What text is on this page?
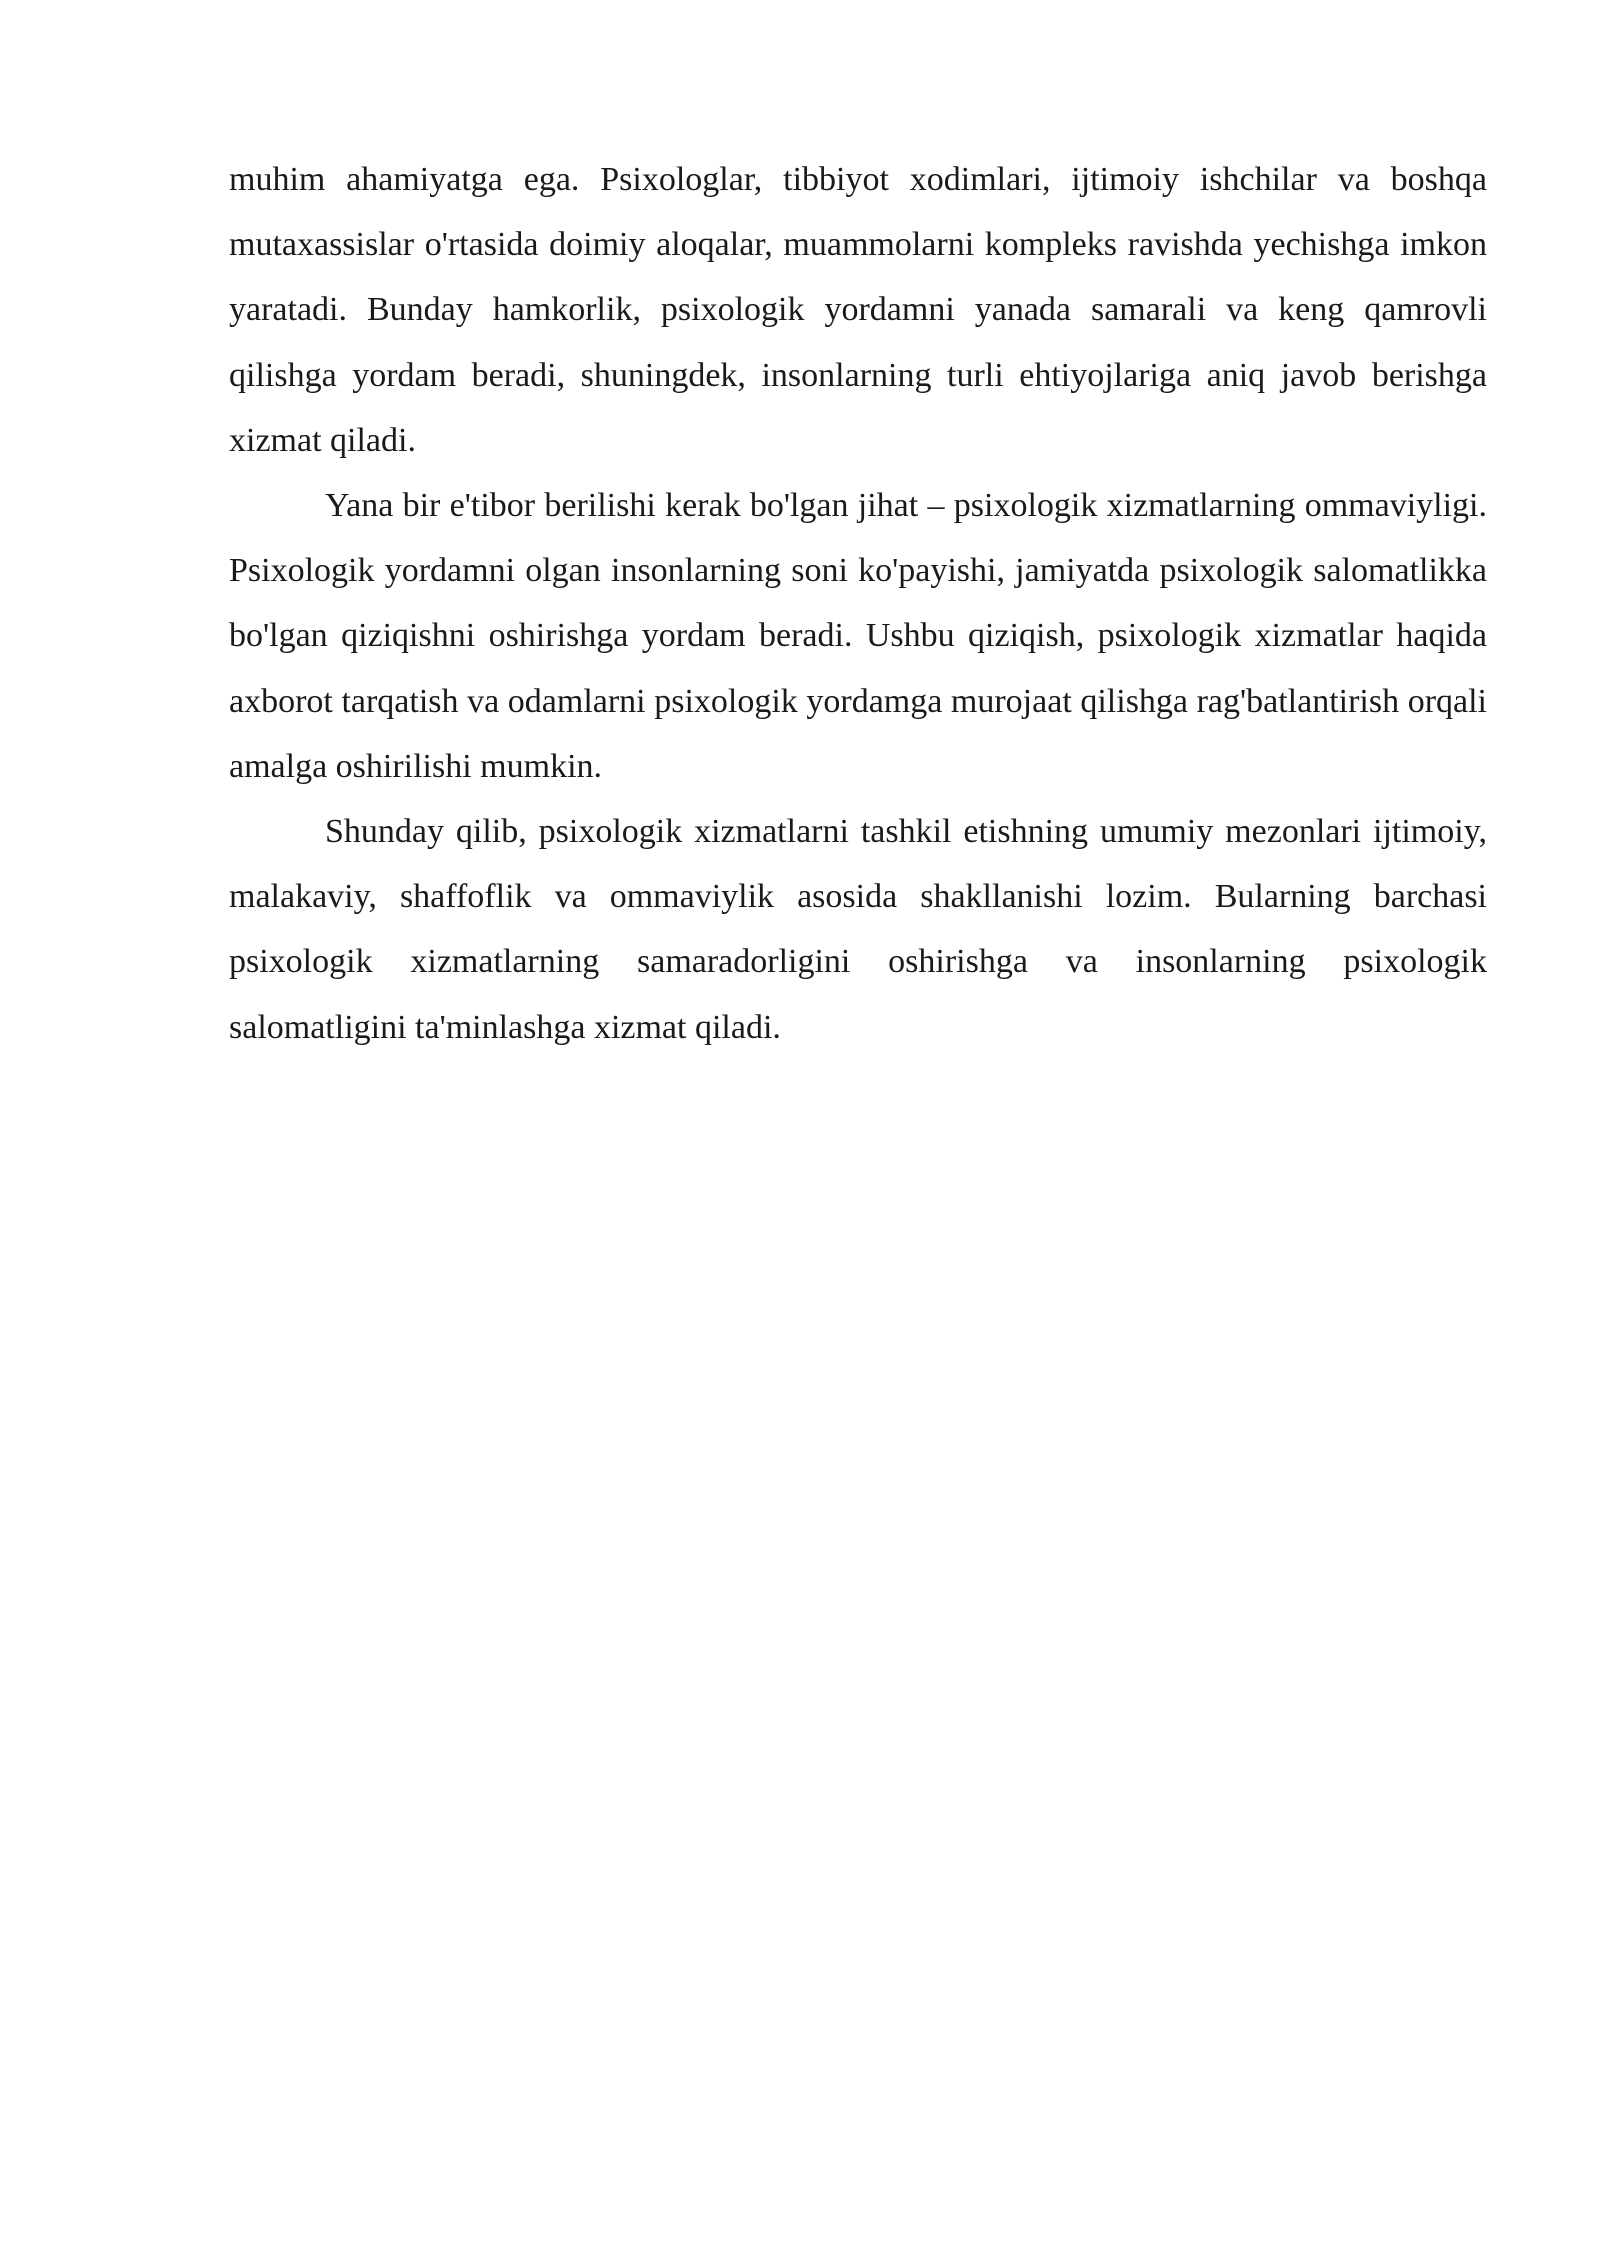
muhim ahamiyatga ega. Psixologlar, tibbiyot xodimlari, ijtimoiy ishchilar va boshqa mutaxassislar o'rtasida doimiy aloqalar, muammolarni kompleks ravishda yechishga imkon yaratadi. Bunday hamkorlik, psixologik yordamni yanada samarali va keng qamrovli qilishga yordam beradi, shuningdek, insonlarning turli ehtiyojlariga aniq javob berishga xizmat qiladi.

Yana bir e'tibor berilishi kerak bo'lgan jihat – psixologik xizmatlarning ommaviyligi. Psixologik yordamni olgan insonlarning soni ko'payishi, jamiyatda psixologik salomatlikka bo'lgan qiziqishni oshirishga yordam beradi. Ushbu qiziqish, psixologik xizmatlar haqida axborot tarqatish va odamlarni psixologik yordamga murojaat qilishga rag'batlantirish orqali amalga oshirilishi mumkin.

Shunday qilib, psixologik xizmatlarni tashkil etishning umumiy mezonlari ijtimoiy, malakaviy, shaffoflik va ommaviylik asosida shakllanishi lozim. Bularning barchasi psixologik xizmatlarning samaradorligini oshirishga va insonlarning psixologik salomatligini ta'minlashga xizmat qiladi.
